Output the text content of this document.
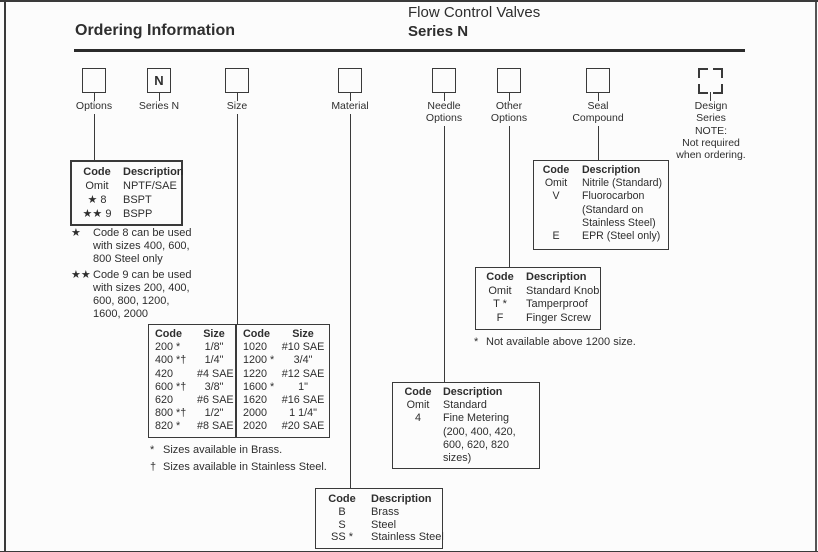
Ordering Information
Flow Control Valves
Series N
N
Options	Series N	Size	Material	Needle
Options
Other
Options
Seal
Compound
Design
Series
NOTE:
Not required
when ordering.
Code	Description
Omit	NPTF/SAE
★ 8	BSPT
★★ 9	BSPP
★	Code 8 can be used with sizes 400, 600, 800 Steel only
★★ Code 9 can be used with sizes 200, 400, 600, 800, 1200, 1600, 2000
Code	Size
200 *	1/8"
400 *†	1/4"
420	#4 SAE
600 *†	3/8"
620	#6 SAE
800 *†	1/2"
820 *	#8 SAE
Code	Size
1020	#10 SAE
1200 *	3/4"
1220	#12 SAE
1600 *	1"
1620	#16 SAE
2000	1 1/4"
2020	#20 SAE
* Sizes available in Brass.
† Sizes available in Stainless Steel.
Code	Description
B	Brass
S	Steel
SS *	Stainless Steel
Code	Description
Omit	Standard
4	Fine Metering
(200, 400, 420, 600, 620, 820 sizes)
Code	Description
Omit	Standard Knob
T *	Tamperproof
F	Finger Screw
* Not available above 1200 size.
Code	Description
Omit	Nitrile (Standard)
V	Fluorocarbon
(Standard on Stainless Steel)
E	EPR (Steel only)
